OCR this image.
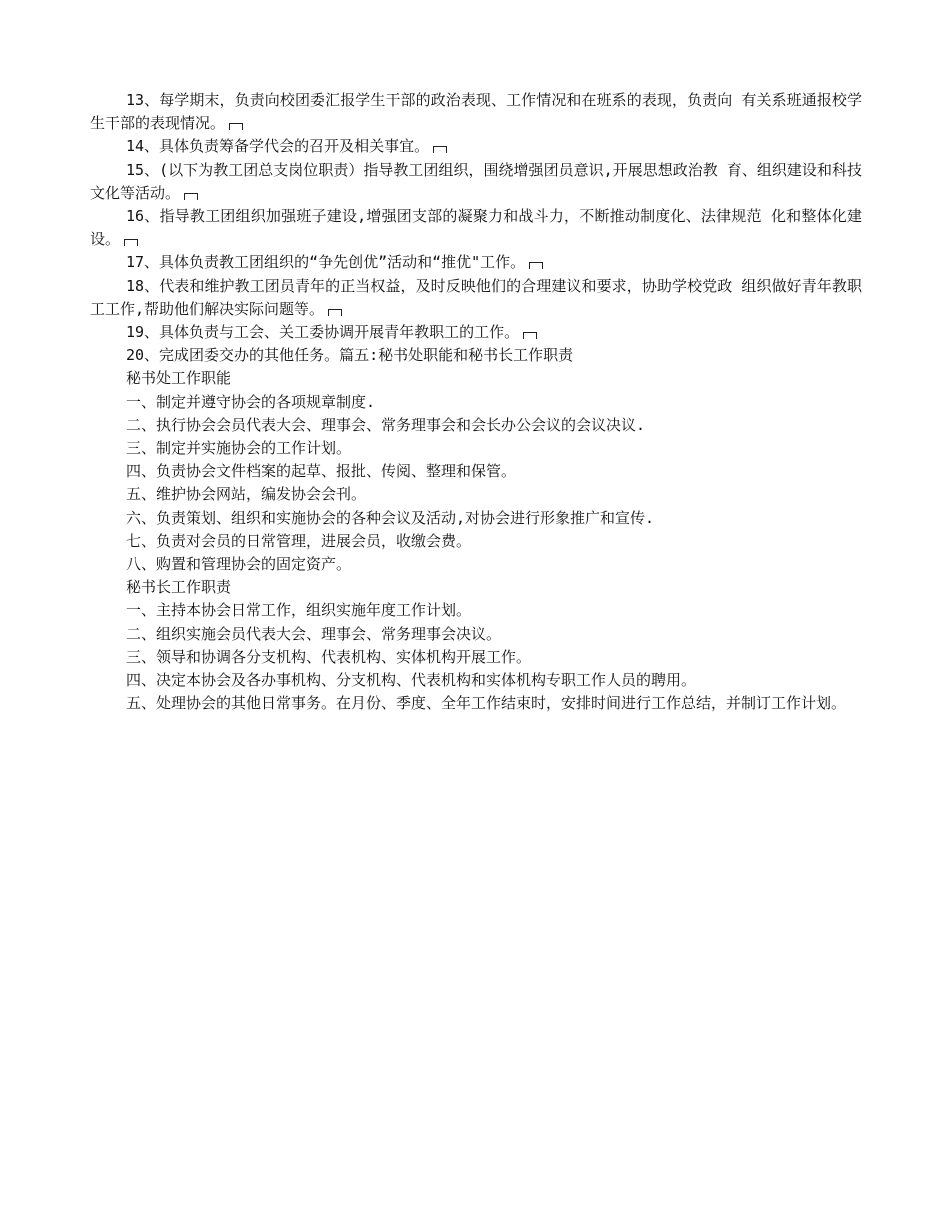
13、每学期末，负责向校团委汇报学生干部的政治表现、工作情况和在班系的表现，负责向 有关系班通报校学生干部的表现情况。

14、具体负责筹备学代会的召开及相关事宜。

15、(以下为教工团总支岗位职责）指导教工团组织，围绕增强团员意识,开展思想政治教 育、组织建设和科技文化等活动。

16、指导教工团组织加强班子建设,增强团支部的凝聚力和战斗力，不断推动制度化、法律规范 化和整体化建设。

17、具体负责教工团组织的“争先创优”活动和“推优"工作。

18、代表和维护教工团员青年的正当权益，及时反映他们的合理建议和要求，协助学校党政 组织做好青年教职工工作,帮助他们解决实际问题等。

19、具体负责与工会、关工委协调开展青年教职工的工作。

20、完成团委交办的其他任务。篇五:秘书处职能和秘书长工作职责

秘书处工作职能

一、制定并遵守协会的各项规章制度.

二、执行协会会员代表大会、理事会、常务理事会和会长办公会议的会议决议.

三、制定并实施协会的工作计划。

四、负责协会文件档案的起草、报批、传阅、整理和保管。

五、维护协会网站，编发协会会刊。

六、负责策划、组织和实施协会的各种会议及活动,对协会进行形象推广和宣传.

七、负责对会员的日常管理，进展会员，收缴会费。

八、购置和管理协会的固定资产。

秘书长工作职责

一、主持本协会日常工作，组织实施年度工作计划。

二、组织实施会员代表大会、理事会、常务理事会决议。

三、领导和协调各分支机构、代表机构、实体机构开展工作。

四、决定本协会及各办事机构、分支机构、代表机构和实体机构专职工作人员的聘用。

五、处理协会的其他日常事务。在月份、季度、全年工作结束时，安排时间进行工作总结，并制订工作计划。
